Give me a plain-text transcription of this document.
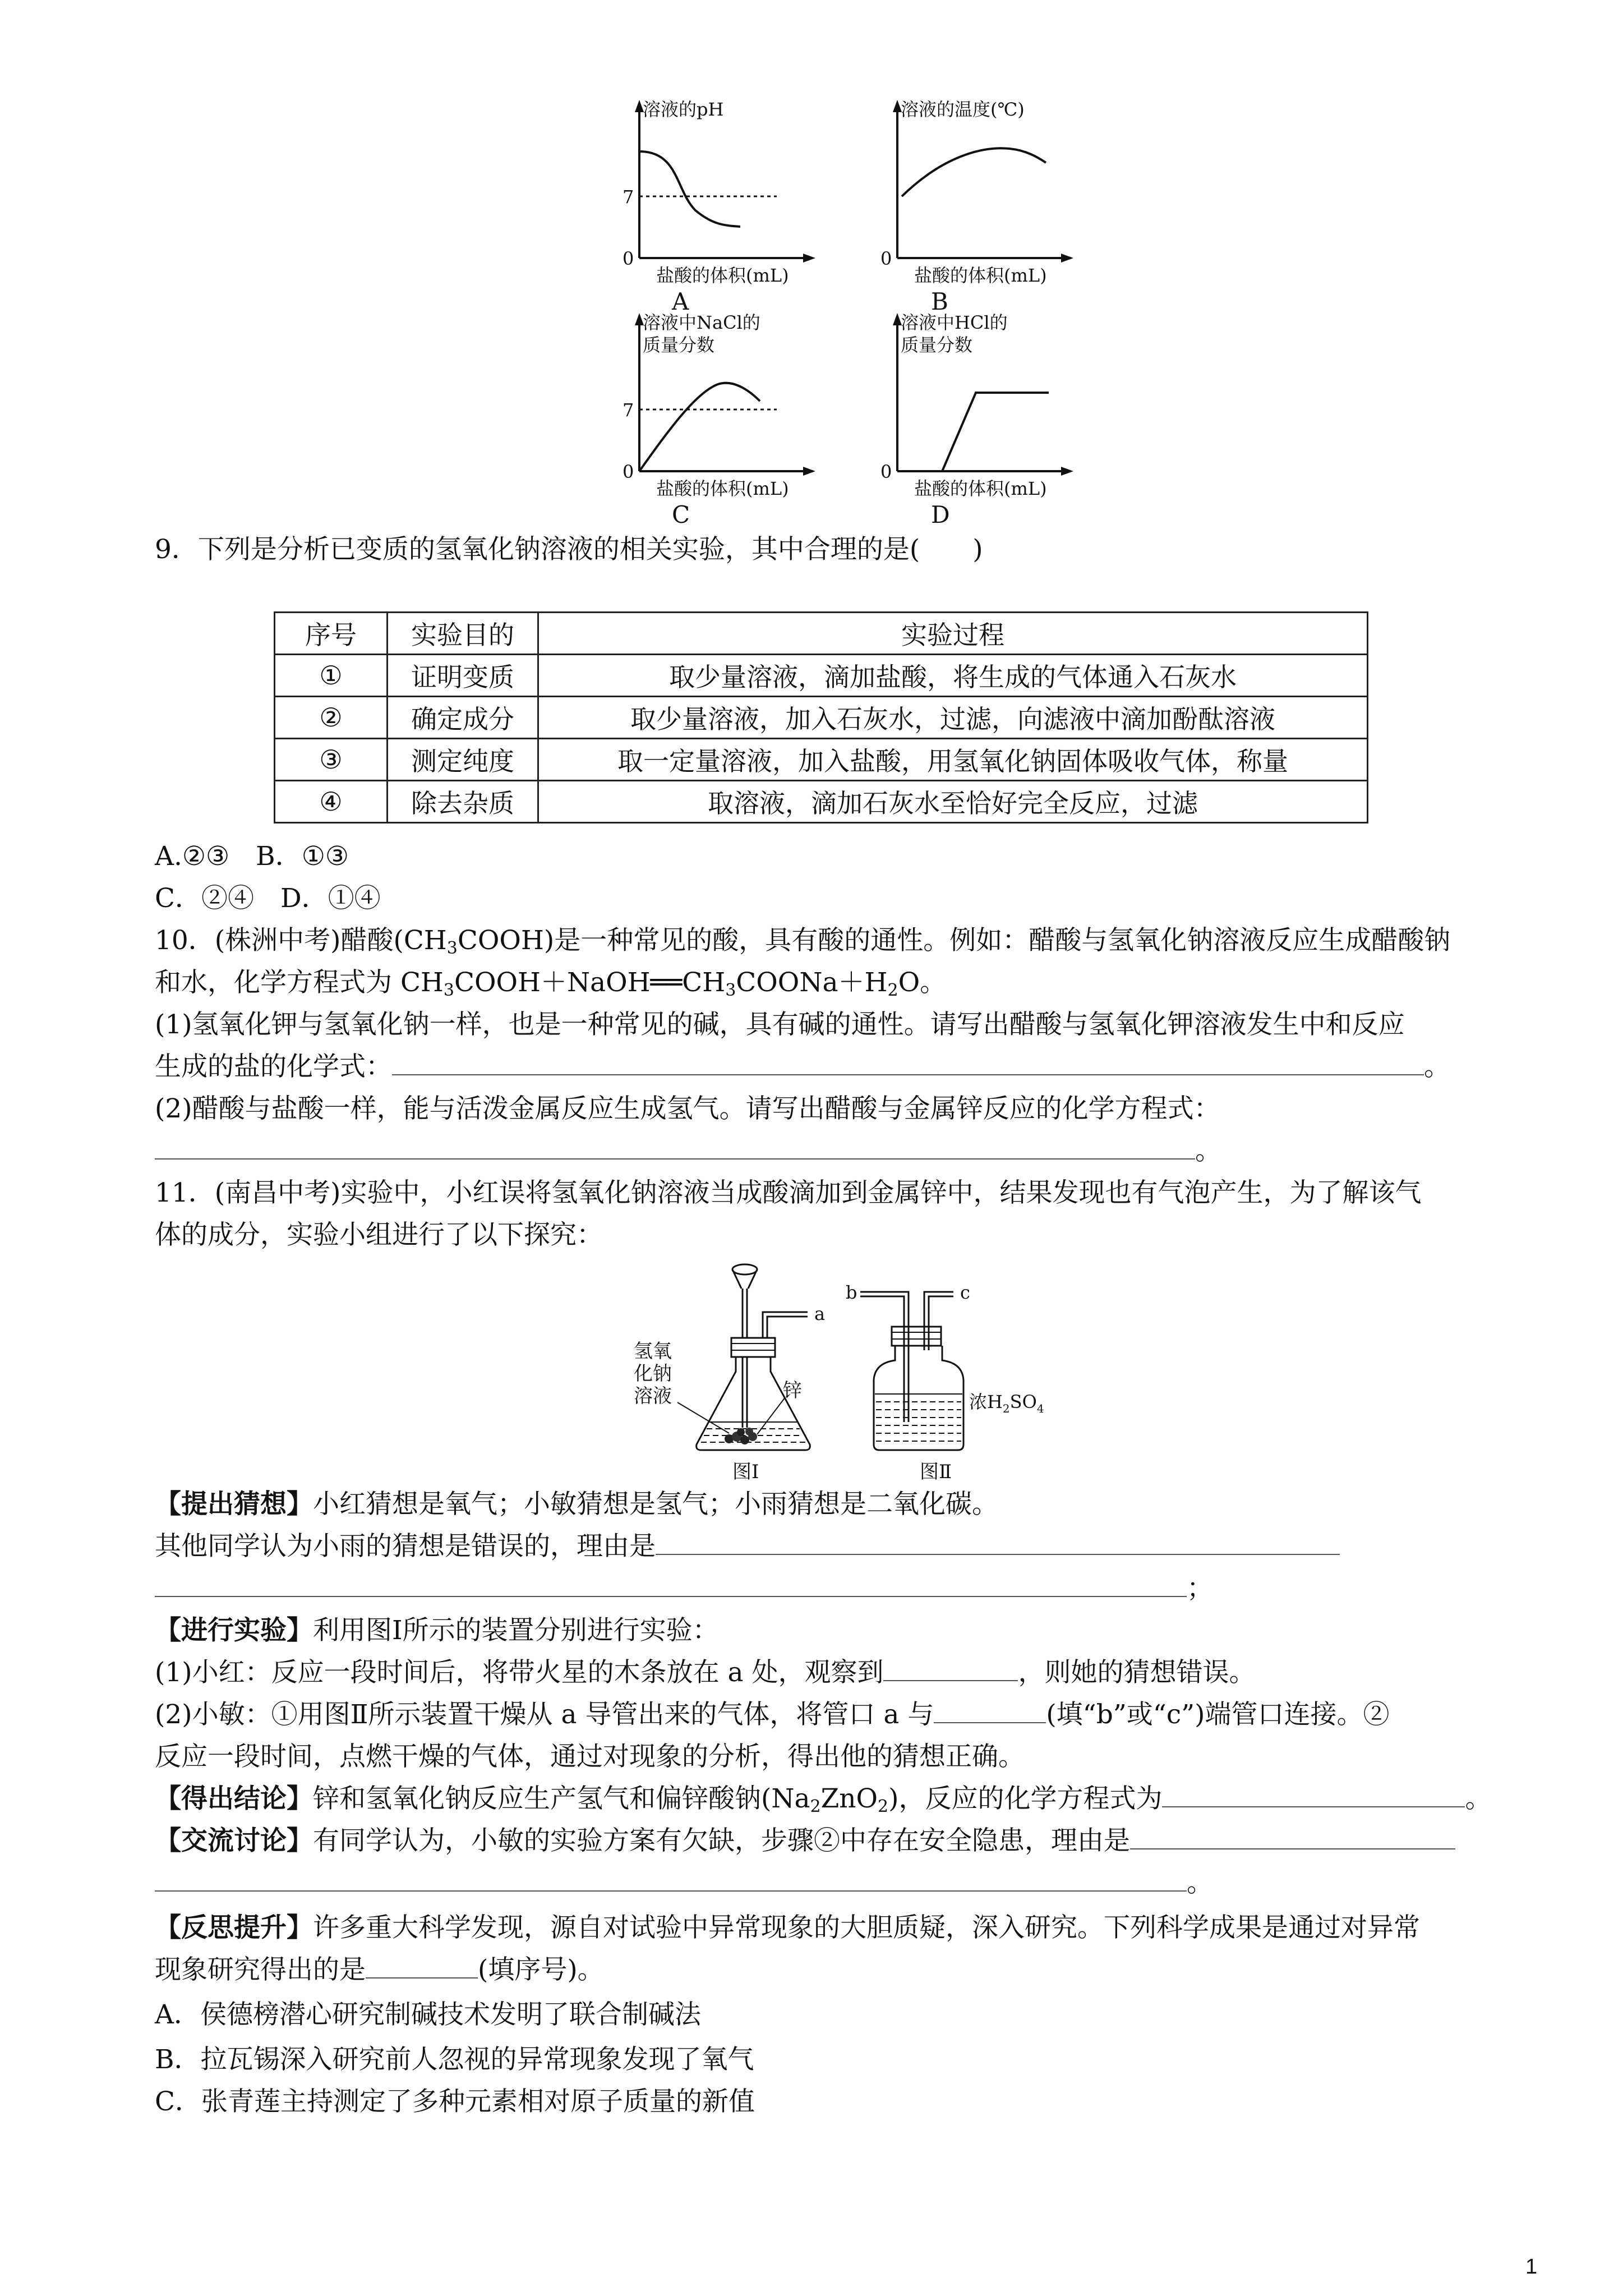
溶液的pH
7
0
盐酸的体积(mL)
A
溶液的温度(℃)
0
盐酸的体积(mL)
B
溶液中NaCl的
质量分数
7
0
盐酸的体积(mL)
C
溶液中HCl的
质量分数
0
盐酸的体积(mL)
D
9．下列是分析已变质的氢氧化钠溶液的相关实验，其中合理的是(　　)
序号	实验目的	实验过程
①	证明变质	取少量溶液，滴加盐酸，将生成的气体通入石灰水
②	确定成分	取少量溶液，加入石灰水，过滤，向滤液中滴加酚酞溶液
③	测定纯度	取一定量溶液，加入盐酸，用氢氧化钠固体吸收气体，称量
④	除去杂质	取溶液，滴加石灰水至恰好完全反应，过滤
A.②③　B．①③
C．②④　D．①④
10．(株洲中考)醋酸$(CH_3COOH)$是一种常见的酸，具有酸的通性。例如：醋酸与氢氧化钠溶液反应生成醋酸钠
和水，化学方程式为 $CH_3COOH+NaOH══CH_3COONa+H_2O$。
(1)氢氧化钾与氢氧化钠一样，也是一种常见的碱，具有碱的通性。请写出醋酸与氢氧化钾溶液发生中和反应
生成的盐的化学式：	。
(2)醋酸与盐酸一样，能与活泼金属反应生成氢气。请写出醋酸与金属锌反应的化学方程式：
。
11．(南昌中考)实验中，小红误将氢氧化钠溶液当成酸滴加到金属锌中，结果发现也有气泡产生，为了解该气
体的成分，实验小组进行了以下探究：
a
氢氧
化钠
溶液	锌
图Ⅰ
b	c
浓$H_2SO_4$
图Ⅱ
【提出猜想】小红猜想是氧气；小敏猜想是氢气；小雨猜想是二氧化碳。
其他同学认为小雨的猜想是错误的，理由是
；
【进行实验】利用图Ⅰ所示的装置分别进行实验：
(1)小红：反应一段时间后，将带火星的木条放在 a 处，观察到	，则她的猜想错误。
(2)小敏：①用图Ⅱ所示装置干燥从 a 导管出来的气体，将管口 a 与	(填“b”或“c”)端管口连接。②
反应一段时间，点燃干燥的气体，通过对现象的分析，得出他的猜想正确。
【得出结论】锌和氢氧化钠反应生产氢气和偏锌酸钠$(Na_2ZnO_2)$，反应的化学方程式为	。
【交流讨论】有同学认为，小敏的实验方案有欠缺，步骤②中存在安全隐患，理由是
。
【反思提升】许多重大科学发现，源自对试验中异常现象的大胆质疑，深入研究。下列科学成果是通过对异常
现象研究得出的是	(填序号)。
A．侯德榜潜心研究制碱技术发明了联合制碱法
B．拉瓦锡深入研究前人忽视的异常现象发现了氧气
C．张青莲主持测定了多种元素相对原子质量的新值
1
